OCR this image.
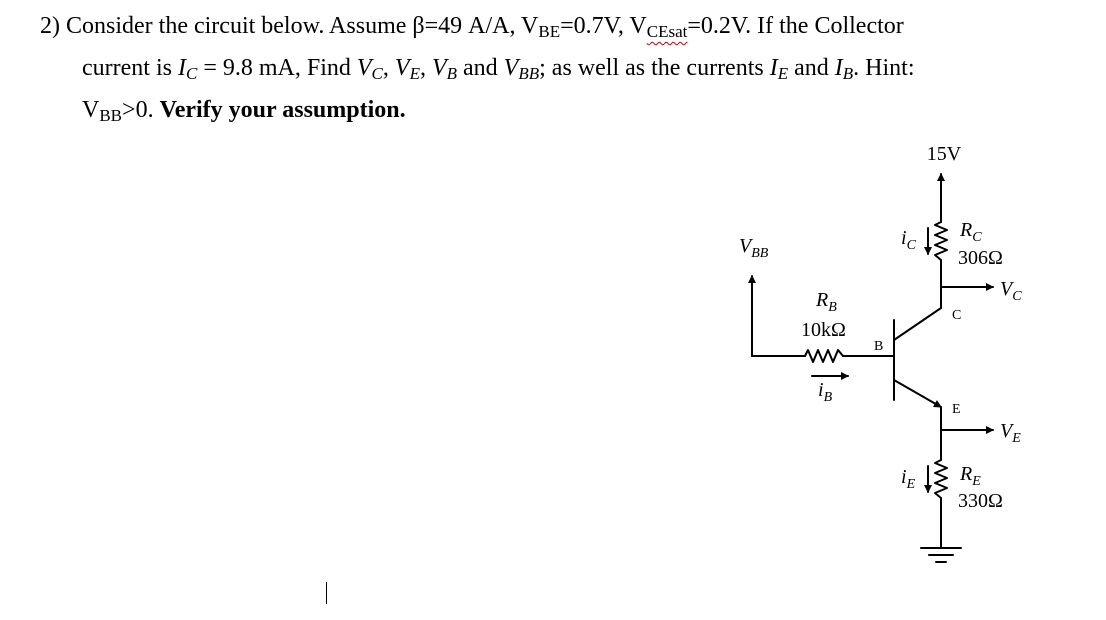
2) Consider the circuit below. Assume β=49 A/A, $V_{BE}=0.7V$, $V_{CEsat}=0.2V$. If the Collector
current is $I_C = 9.8$ mA, Find $V_C$, $V_E$, $V_B$ and $V_{BB}$; as well as the currents $I_E$ and $I_B$. Hint:
$V_{BB}>0$. Verify your assumption.
15V
$R_C$
306Ω
$V_C$
C
B
E
$V_E$
$R_E$
330Ω
$i_C$
$i_E$
$V_{BB}$
$R_B$
10kΩ
$i_B$
